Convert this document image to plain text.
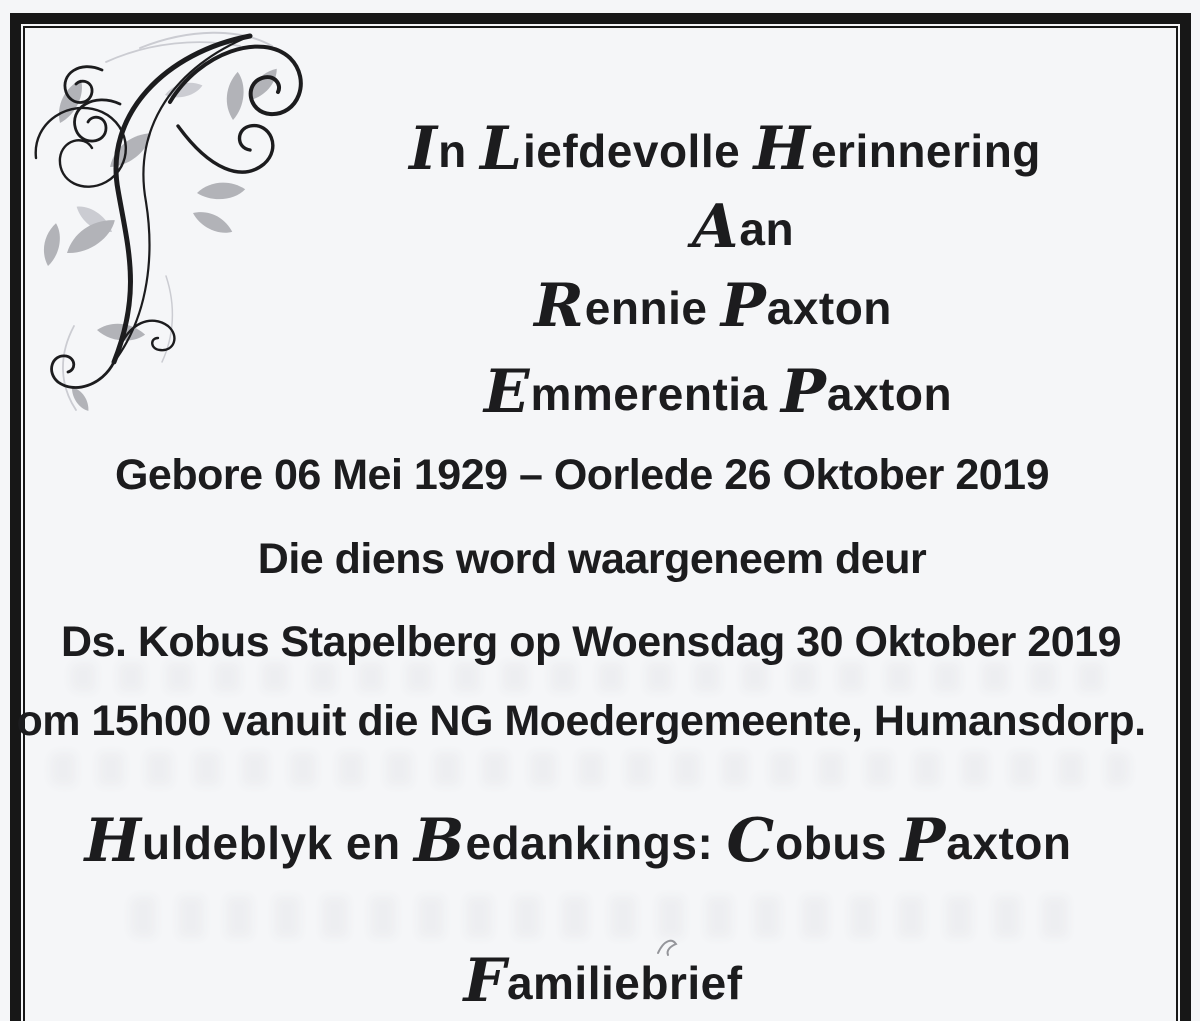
In Liefdevolle Herinnering
Aan
Rennie Paxton
Emmerentia Paxton
Gebore 06 Mei 1929 – Oorlede 26 Oktober 2019
Die diens word waargeneem deur
Ds. Kobus Stapelberg op Woensdag 30 Oktober 2019
om 15h00 vanuit die NG Moedergemeente, Humansdorp.
Huldeblyk en Bedankings: Cobus Paxton
Familiebrief
